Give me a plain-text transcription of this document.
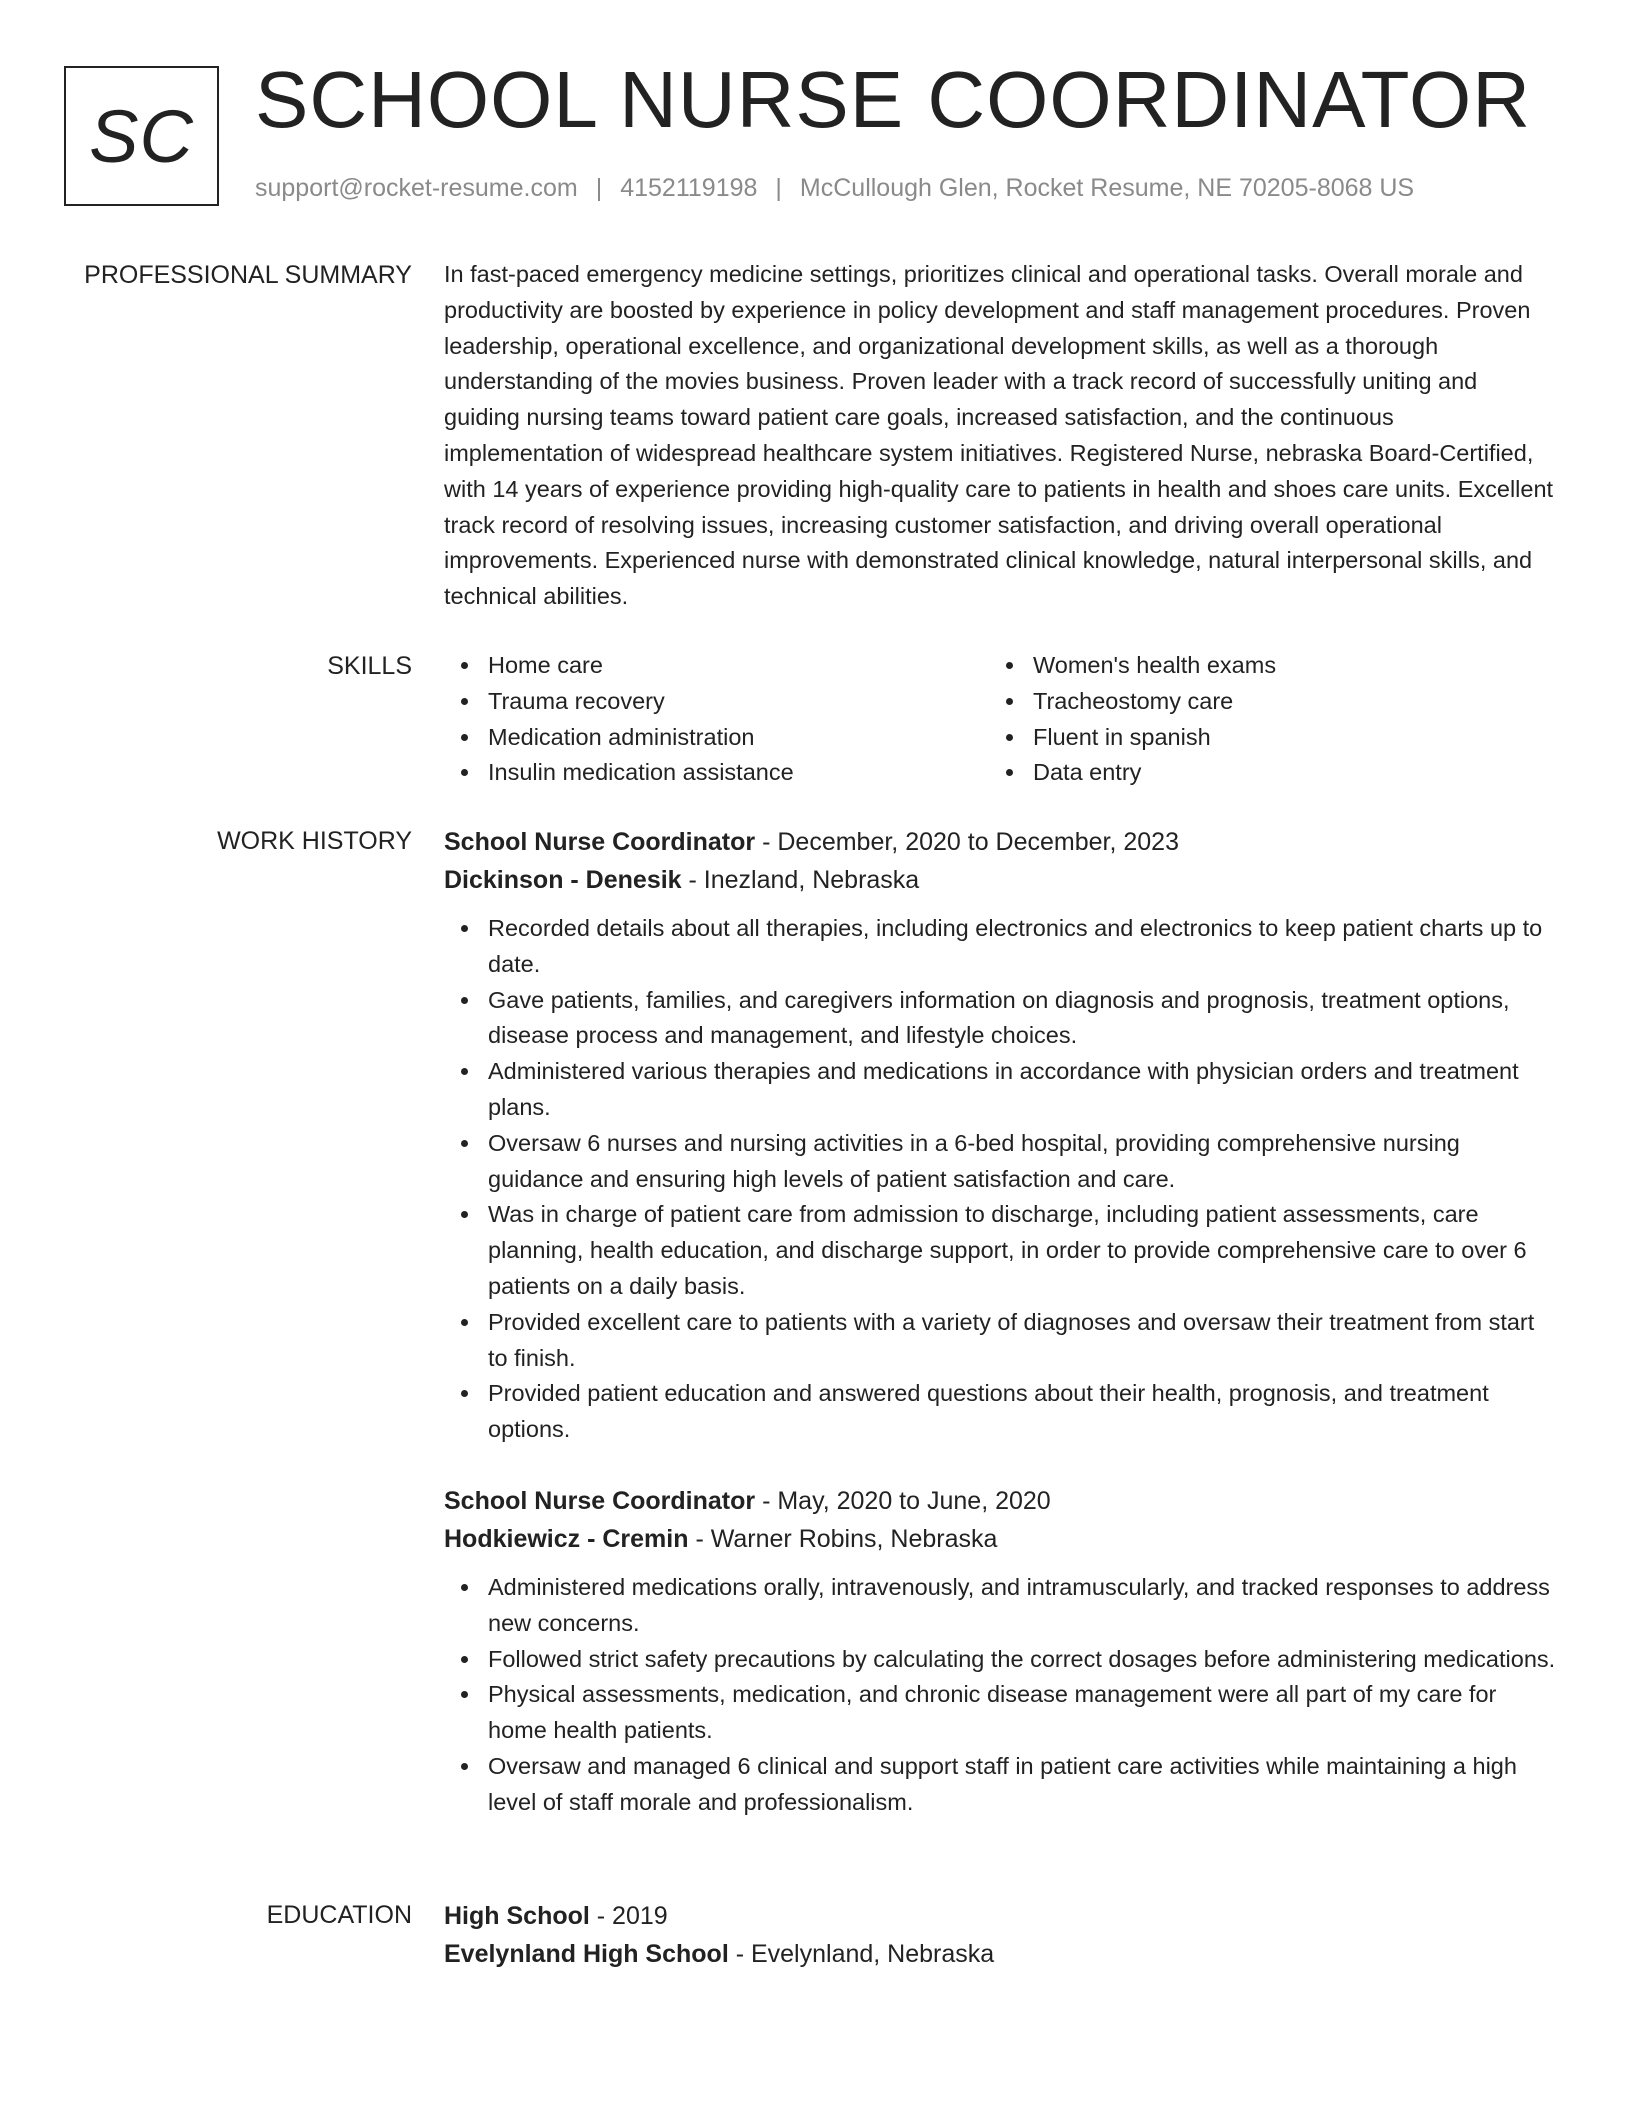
SC SCHOOL NURSE COORDINATOR
support@rocket-resume.com | 4152119198 | McCullough Glen, Rocket Resume, NE 70205-8068 US
PROFESSIONAL SUMMARY In fast-paced emergency medicine settings, prioritizes clinical and operational tasks. Overall morale and productivity are boosted by experience in policy development and staff management procedures. Proven leadership, operational excellence, and organizational development skills, as well as a thorough understanding of the movies business. Proven leader with a track record of successfully uniting and guiding nursing teams toward patient care goals, increased satisfaction, and the continuous implementation of widespread healthcare system initiatives. Registered Nurse, nebraska Board-Certified, with 14 years of experience providing high-quality care to patients in health and shoes care units. Excellent track record of resolving issues, increasing customer satisfaction, and driving overall operational improvements. Experienced nurse with demonstrated clinical knowledge, natural interpersonal skills, and technical abilities.

SKILLS	Home care
Trauma recovery
Medication administration
Insulin medication assistance
Women's health exams
Tracheostomy care
Fluent in spanish
Data entry
WORK HISTORY School Nurse Coordinator - December, 2020 to December, 2023

Dickinson - Denesik - Inezland, Nebraska

Recorded details about all therapies, including electronics and electronics to keep patient charts up to date.
Gave patients, families, and caregivers information on diagnosis and prognosis, treatment options, disease process and management, and lifestyle choices.
Administered various therapies and medications in accordance with physician orders and treatment plans.
Oversaw 6 nurses and nursing activities in a 6-bed hospital, providing comprehensive nursing guidance and ensuring high levels of patient satisfaction and care.
Was in charge of patient care from admission to discharge, including patient assessments, care planning, health education, and discharge support, in order to provide comprehensive care to over 6 patients on a daily basis.
Provided excellent care to patients with a variety of diagnoses and oversaw their treatment from start to finish.
Provided patient education and answered questions about their health, prognosis, and treatment options.

School Nurse Coordinator - May, 2020 to June, 2020

Hodkiewicz - Cremin - Warner Robins, Nebraska

Administered medications orally, intravenously, and intramuscularly, and tracked responses to address new concerns.
Followed strict safety precautions by calculating the correct dosages before administering medications.
Physical assessments, medication, and chronic disease management were all part of my care for home health patients.
Oversaw and managed 6 clinical and support staff in patient care activities while maintaining a high level of staff morale and professionalism.
EDUCATION High School - 2019

Evelynland High School - Evelynland, Nebraska
